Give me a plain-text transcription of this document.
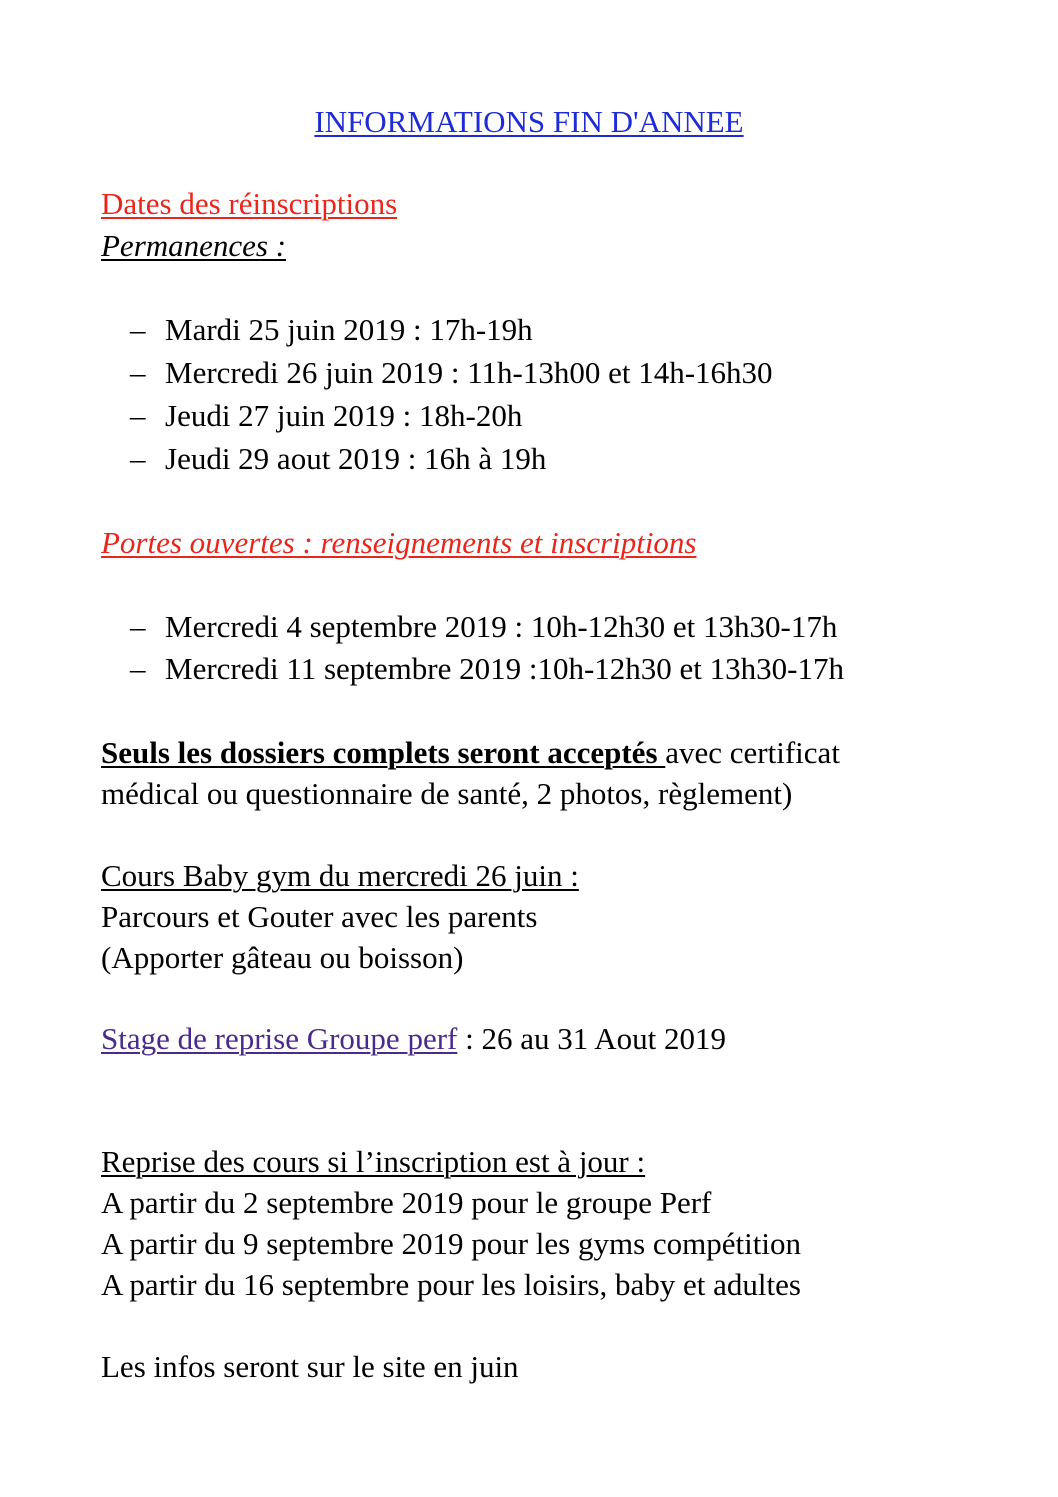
INFORMATIONS FIN D'ANNEE
Dates des réinscriptions
Permanences :
– Mardi 25 juin 2019 : 17h-19h
– Mercredi 26 juin 2019 : 11h-13h00 et 14h-16h30
– Jeudi 27 juin 2019 : 18h-20h
– Jeudi 29 aout 2019 : 16h à 19h
Portes ouvertes : renseignements et inscriptions
– Mercredi 4 septembre 2019 : 10h-12h30 et 13h30-17h
– Mercredi 11 septembre 2019 :10h-12h30 et 13h30-17h
Seuls les dossiers complets seront acceptés avec certificat
médical ou questionnaire de santé, 2 photos, règlement)
Cours Baby gym du mercredi 26 juin :
Parcours et Gouter avec les parents
(Apporter gâteau ou boisson)
Stage de reprise Groupe perf : 26 au 31 Aout 2019
Reprise des cours si l’inscription est à jour :
A partir du 2 septembre 2019 pour le groupe Perf
A partir du 9 septembre 2019 pour les gyms compétition
A partir du 16 septembre pour les loisirs, baby et adultes
Les infos seront sur le site en juin
